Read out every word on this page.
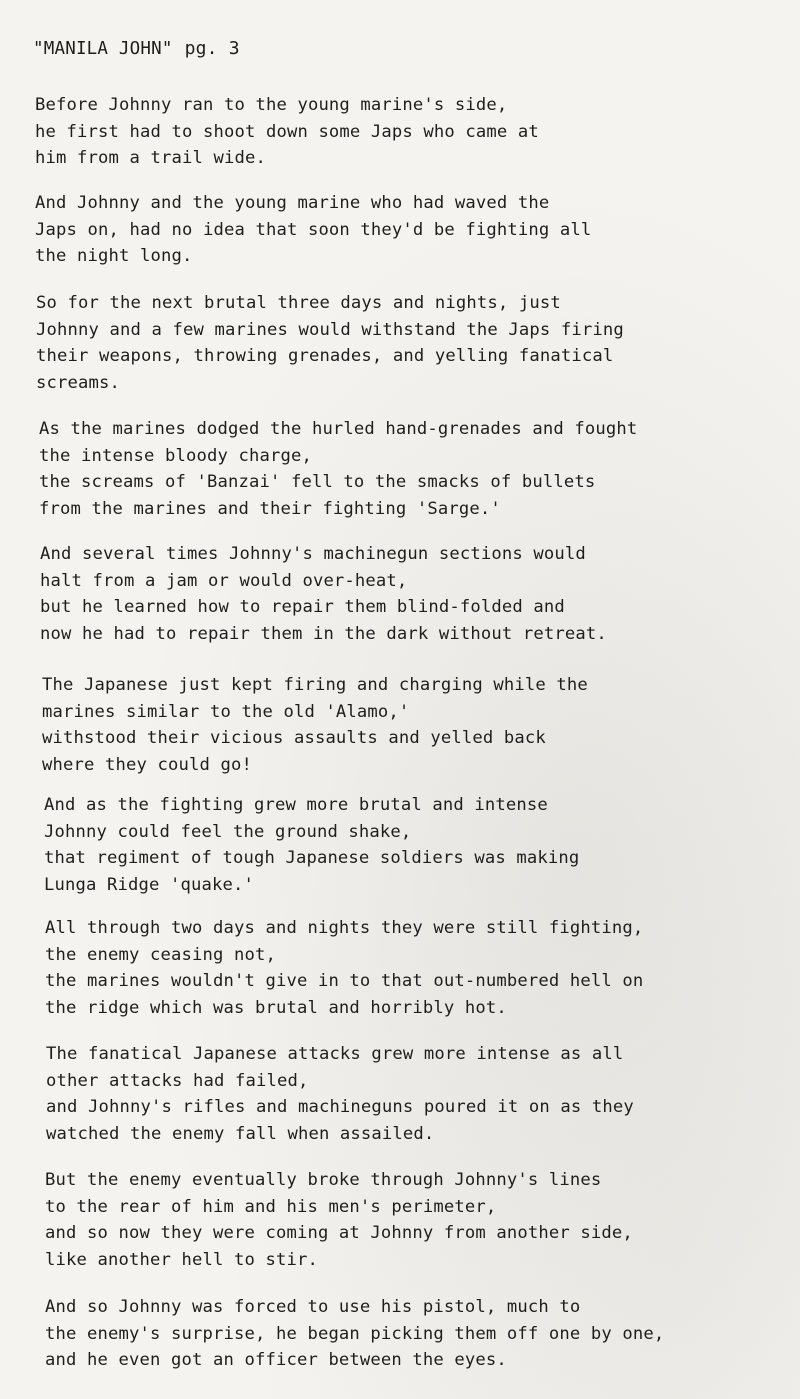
"MANILA JOHN" pg. 3
Before Johnny ran to the young marine's side,
he first had to shoot down some Japs who came at
him from a trail wide.
And Johnny and the young marine who had waved the
Japs on, had no idea that soon they'd be fighting all
the night long.
So for the next brutal three days and nights, just
Johnny and a few marines would withstand the Japs firing
their weapons, throwing grenades, and yelling fanatical
screams.
As the marines dodged the hurled hand-grenades and fought
the intense bloody charge,
the screams of 'Banzai' fell to the smacks of bullets
from the marines and their fighting 'Sarge.'
And several times Johnny's machinegun sections would
halt from a jam or would over-heat,
but he learned how to repair them blind-folded and
now he had to repair them in the dark without retreat.
The Japanese just kept firing and charging while the
marines similar to the old 'Alamo,'
withstood their vicious assaults and yelled back
where they could go!
And as the fighting grew more brutal and intense
Johnny could feel the ground shake,
that regiment of tough Japanese soldiers was making
Lunga Ridge 'quake.'
All through two days and nights they were still fighting,
the enemy ceasing not,
the marines wouldn't give in to that out-numbered hell on
the ridge which was brutal and horribly hot.
The fanatical Japanese attacks grew more intense as all
other attacks had failed,
and Johnny's rifles and machineguns poured it on as they
watched the enemy fall when assailed.
But the enemy eventually broke through Johnny's lines
to the rear of him and his men's perimeter,
and so now they were coming at Johnny from another side,
like another hell to stir.
And so Johnny was forced to use his pistol, much to
the enemy's surprise, he began picking them off one by one,
and he even got an officer between the eyes.
